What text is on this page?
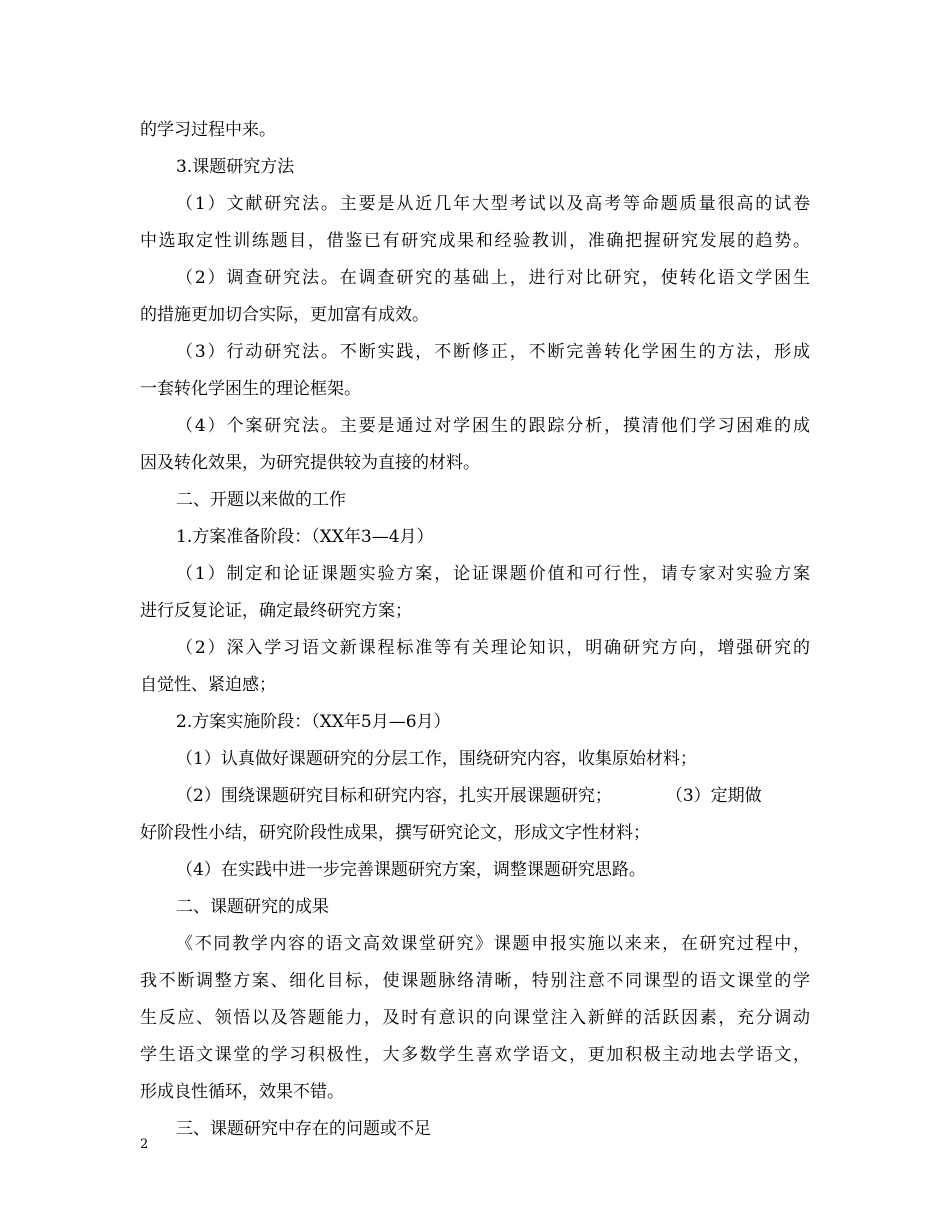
的学习过程中来。
3.课题研究方法
（1）文献研究法。主要是从近几年大型考试以及高考等命题质量很高的试卷
中选取定性训练题目，借鉴已有研究成果和经验教训，准确把握研究发展的趋势。
（2）调查研究法。在调查研究的基础上，进行对比研究，使转化语文学困生
的措施更加切合实际，更加富有成效。
（3）行动研究法。不断实践，不断修正，不断完善转化学困生的方法，形成
一套转化学困生的理论框架。
（4）个案研究法。主要是通过对学困生的跟踪分析，摸清他们学习困难的成
因及转化效果，为研究提供较为直接的材料。
二、开题以来做的工作
1.方案准备阶段：（XX年3—4月）
（1）制定和论证课题实验方案，论证课题价值和可行性，请专家对实验方案
进行反复论证，确定最终研究方案；
（2）深入学习语文新课程标准等有关理论知识，明确研究方向，增强研究的
自觉性、紧迫感；
2.方案实施阶段：（XX年5月—6月）
（1）认真做好课题研究的分层工作，围绕研究内容，收集原始材料；
（2）围绕课题研究目标和研究内容，扎实开展课题研究；          （3）定期做
好阶段性小结，研究阶段性成果，撰写研究论文，形成文字性材料；
（4）在实践中进一步完善课题研究方案，调整课题研究思路。
二、课题研究的成果
《不同教学内容的语文高效课堂研究》课题申报实施以来来，在研究过程中，
我不断调整方案、细化目标，使课题脉络清晰，特别注意不同课型的语文课堂的学
生反应、领悟以及答题能力，及时有意识的向课堂注入新鲜的活跃因素，充分调动
学生语文课堂的学习积极性，大多数学生喜欢学语文，更加积极主动地去学语文，
形成良性循环，效果不错。
三、课题研究中存在的问题或不足
2
